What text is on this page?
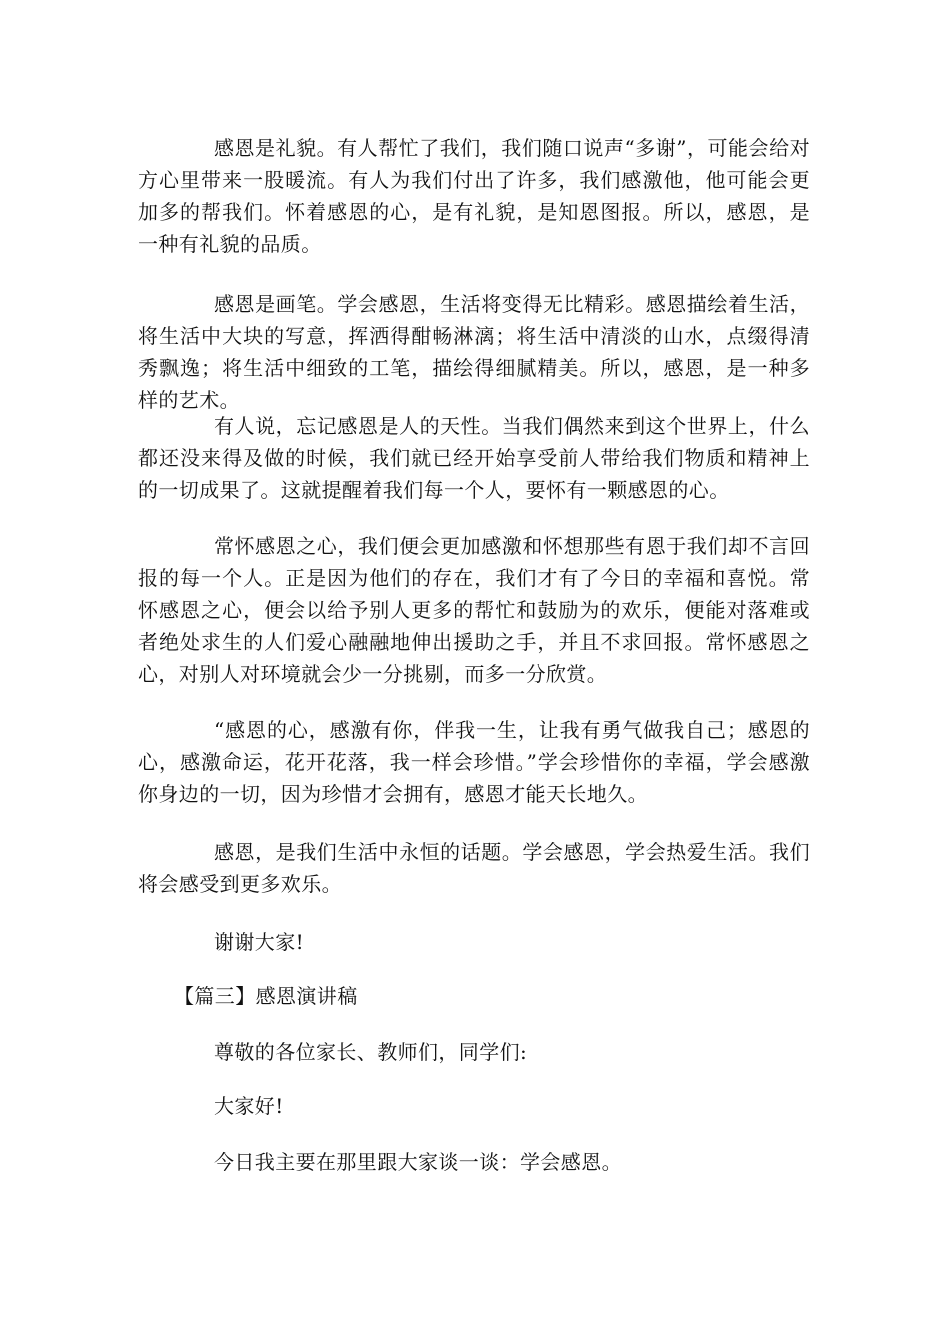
感恩是礼貌。有人帮忙了我们，我们随口说声“多谢”，可能会给对方心里带来一股暖流。有人为我们付出了许多，我们感激他，他可能会更加多的帮我们。怀着感恩的心，是有礼貌，是知恩图报。所以，感恩，是一种有礼貌的品质。

感恩是画笔。学会感恩，生活将变得无比精彩。感恩描绘着生活，将生活中大块的写意，挥洒得酣畅淋漓；将生活中清淡的山水，点缀得清秀飘逸；将生活中细致的工笔，描绘得细腻精美。所以，感恩，是一种多样的艺术。

有人说，忘记感恩是人的天性。当我们偶然来到这个世界上，什么都还没来得及做的时候，我们就已经开始享受前人带给我们物质和精神上的一切成果了。这就提醒着我们每一个人，要怀有一颗感恩的心。

常怀感恩之心，我们便会更加感激和怀想那些有恩于我们却不言回报的每一个人。正是因为他们的存在，我们才有了今日的幸福和喜悦。常怀感恩之心，便会以给予别人更多的帮忙和鼓励为的欢乐，便能对落难或者绝处求生的人们爱心融融地伸出援助之手，并且不求回报。常怀感恩之心，对别人对环境就会少一分挑剔，而多一分欣赏。

“感恩的心，感激有你，伴我一生，让我有勇气做我自己；感恩的心，感激命运，花开花落，我一样会珍惜。”学会珍惜你的幸福，学会感激你身边的一切，因为珍惜才会拥有，感恩才能天长地久。

感恩，是我们生活中永恒的话题。学会感恩，学会热爱生活。我们将会感受到更多欢乐。

谢谢大家!

【篇三】感恩演讲稿

尊敬的各位家长、教师们，同学们:

大家好!

今日我主要在那里跟大家谈一谈：学会感恩。
